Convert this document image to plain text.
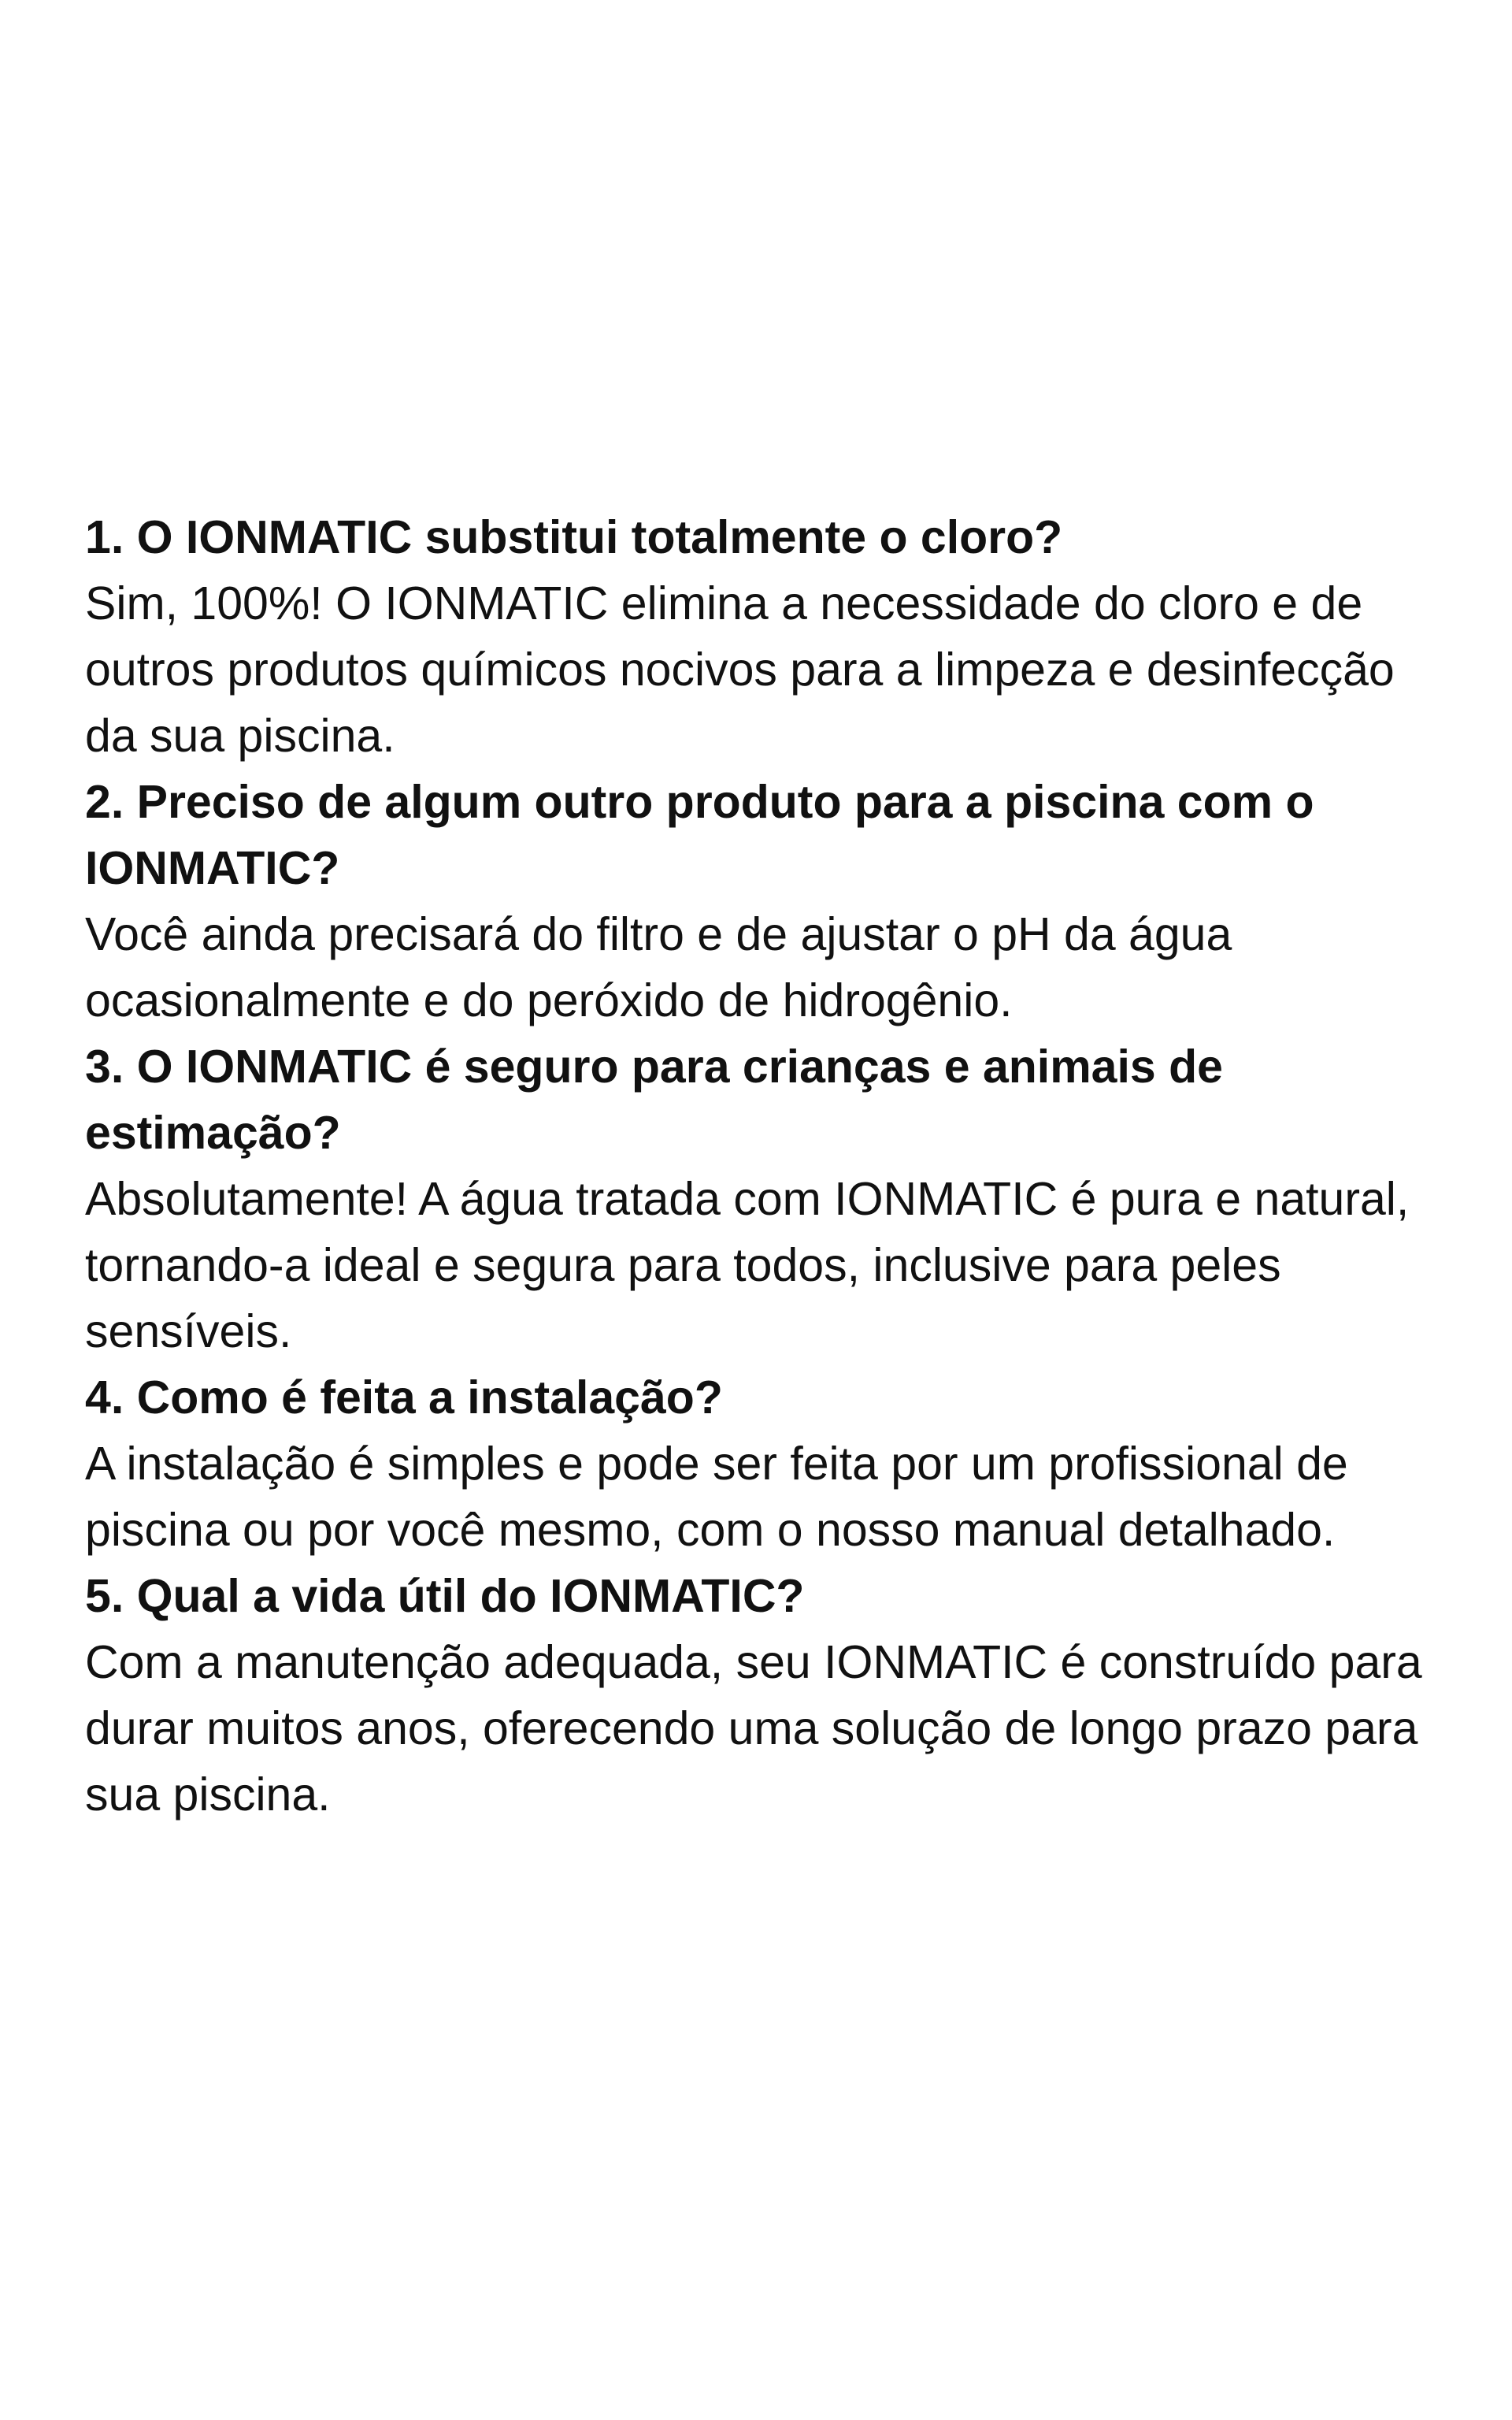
1. O IONMATIC substitui totalmente o cloro?

Sim, 100%! O IONMATIC elimina a necessidade do cloro e de outros produtos químicos nocivos para a limpeza e desinfecção da sua piscina.

2. Preciso de algum outro produto para a piscina com o IONMATIC?

Você ainda precisará do filtro e de ajustar o pH da água ocasionalmente e do peróxido de hidrogênio.

3. O IONMATIC é seguro para crianças e animais de estimação?

Absolutamente! A água tratada com IONMATIC é pura e natural, tornando-a ideal e segura para todos, inclusive para peles sensíveis.

4. Como é feita a instalação?

A instalação é simples e pode ser feita por um profissional de piscina ou por você mesmo, com o nosso manual detalhado.

5. Qual a vida útil do IONMATIC?

Com a manutenção adequada, seu IONMATIC é construído para durar muitos anos, oferecendo uma solução de longo prazo para sua piscina.
